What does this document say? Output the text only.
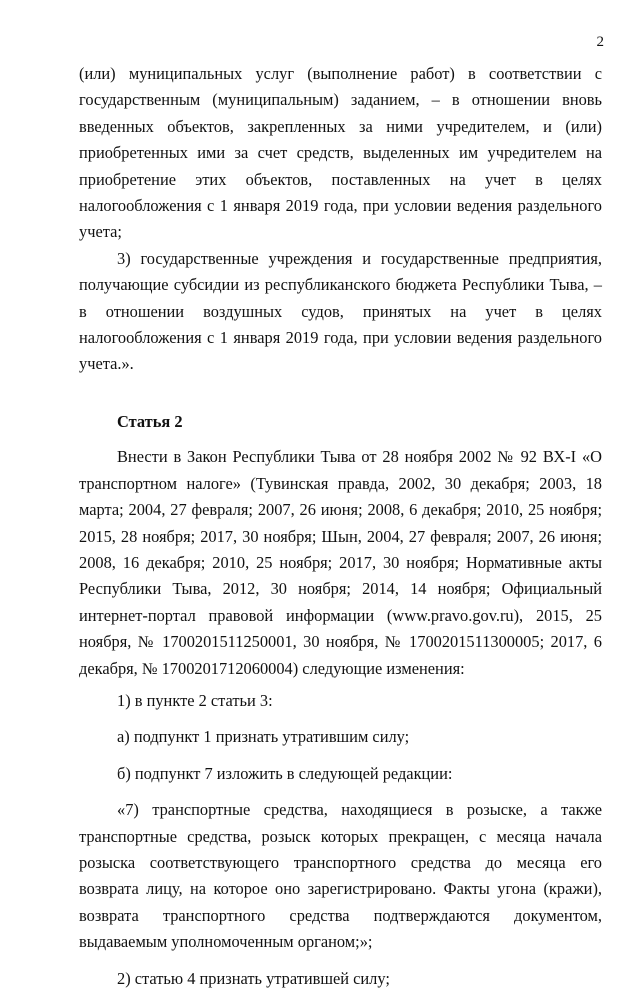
2

(или) муниципальных услуг (выполнение работ) в соответствии с государственным (муниципальным) заданием, – в отношении вновь введенных объектов, закрепленных за ними учредителем, и (или) приобретенных ими за счет средств, выделенных им учредителем на приобретение этих объектов, поставленных на учет в целях налогообложения с 1 января 2019 года, при условии ведения раздельного учета;

3) государственные учреждения и государственные предприятия, получающие субсидии из республиканского бюджета Республики Тыва, – в отношении воздушных судов, принятых на учет в целях налогообложения с 1 января 2019 года, при условии ведения раздельного учета.».

Статья 2

Внести в Закон Республики Тыва от 28 ноября 2002 № 92 ВХ-I «О транспортном налоге» (Тувинская правда, 2002, 30 декабря; 2003, 18 марта; 2004, 27 февраля; 2007, 26 июня; 2008, 6 декабря; 2010, 25 ноября; 2015, 28 ноября; 2017, 30 ноября; Шын, 2004, 27 февраля; 2007, 26 июня; 2008, 16 декабря; 2010, 25 ноября; 2017, 30 ноября; Нормативные акты Республики Тыва, 2012, 30 ноября; 2014, 14 ноября; Официальный интернет-портал правовой информации (www.pravo.gov.ru), 2015, 25 ноября, № 1700201511250001, 30 ноября, № 1700201511300005; 2017, 6 декабря, № 1700201712060004) следующие изменения:

1) в пункте 2 статьи 3:

а) подпункт 1 признать утратившим силу;

б) подпункт 7 изложить в следующей редакции:

«7) транспортные средства, находящиеся в розыске, а также транспортные средства, розыск которых прекращен, с месяца начала розыска соответствующего транспортного средства до месяца его возврата лицу, на которое оно зарегистрировано. Факты угона (кражи), возврата транспортного средства подтверждаются документом, выдаваемым уполномоченным органом;»;

2) статью 4 признать утратившей силу;
